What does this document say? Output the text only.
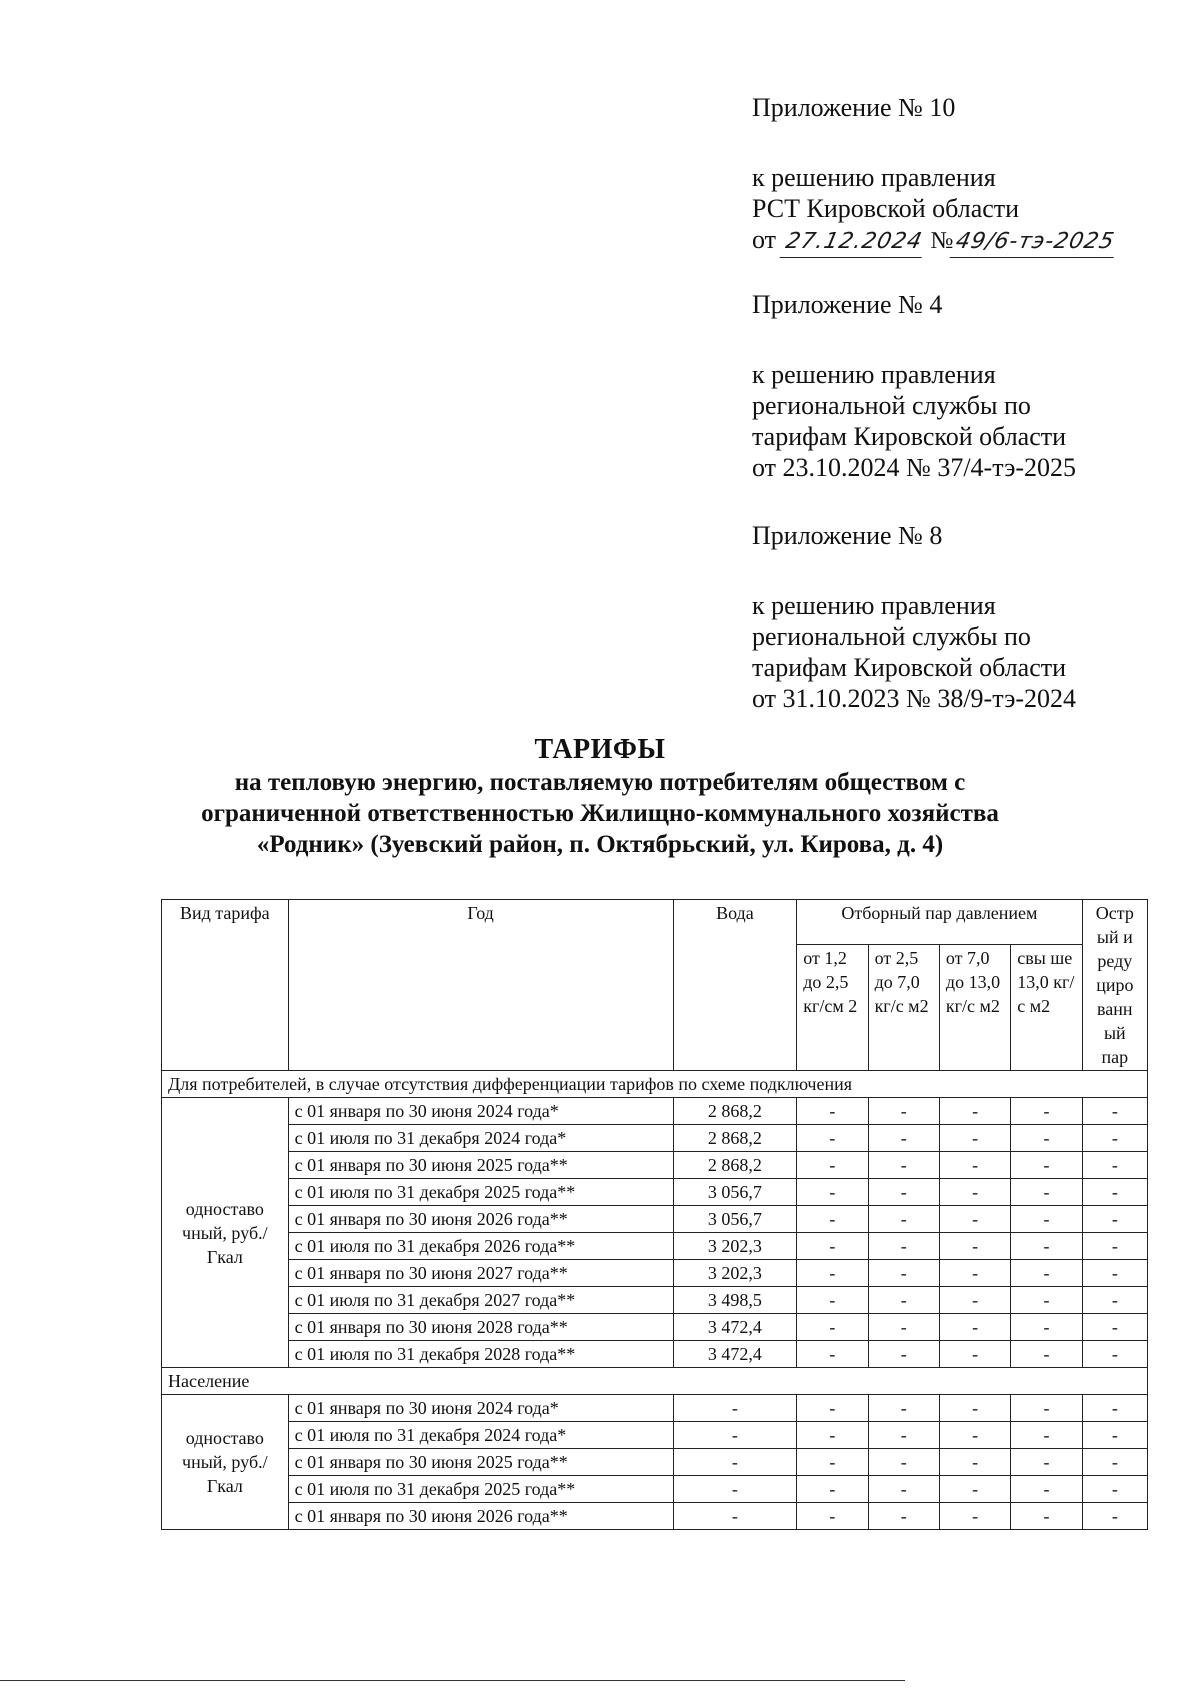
Приложение № 10

к решению правления

РСТ Кировской области

от 27.12.2024 №49/6-тэ-2025

Приложение № 4

к решению правления

региональной службы по

тарифам Кировской области

от 23.10.2024 № 37/4-тэ-2025

Приложение № 8

к решению правления

региональной службы по

тарифам Кировской области

от 31.10.2023 № 38/9-тэ-2024

ТАРИФЫ
на тепловую энергию, поставляемую потребителям обществом с
ограниченной ответственностью Жилищно-коммунального хозяйства
«Родник» (Зуевский район, п. Октябрьский, ул. Кирова, д. 4)
Вид тарифа	Год	Вода	Отборный пар давлением				Остр ый и реду циро ванн ый пар
			от 1,2 до 2,5 кг/см 2	от 2,5 до 7,0 кг/с м2	от 7,0 до 13,0 кг/с м2	свы ше 13,0 кг/с м2	
Для потребителей, в случае отсутствия дифференциации тарифов по схеме подключения							
одноставо чный, руб./Гкал	с 01 января по 30 июня 2024 года*	2 868,2	-	-	-	-	-
	с 01 июля по 31 декабря 2024 года*	2 868,2	-	-	-	-	-
	с 01 января по 30 июня 2025 года**	2 868,2	-	-	-	-	-
	с 01 июля по 31 декабря 2025 года**	3 056,7	-	-	-	-	-
	с 01 января по 30 июня 2026 года**	3 056,7	-	-	-	-	-
	с 01 июля по 31 декабря 2026 года**	3 202,3	-	-	-	-	-
	с 01 января по 30 июня 2027 года**	3 202,3	-	-	-	-	-
	с 01 июля по 31 декабря 2027 года**	3 498,5	-	-	-	-	-
	с 01 января по 30 июня 2028 года**	3 472,4	-	-	-	-	-
	с 01 июля по 31 декабря 2028 года**	3 472,4	-	-	-	-	-
Население							
одноставо чный, руб./Гкал	с 01 января по 30 июня 2024 года*	-	-	-	-	-	-
	с 01 июля по 31 декабря 2024 года*	-	-	-	-	-	-
	с 01 января по 30 июня 2025 года**	-	-	-	-	-	-
	с 01 июля по 31 декабря 2025 года**	-	-	-	-	-	-
	с 01 января по 30 июня 2026 года**	-	-	-	-	-	-
